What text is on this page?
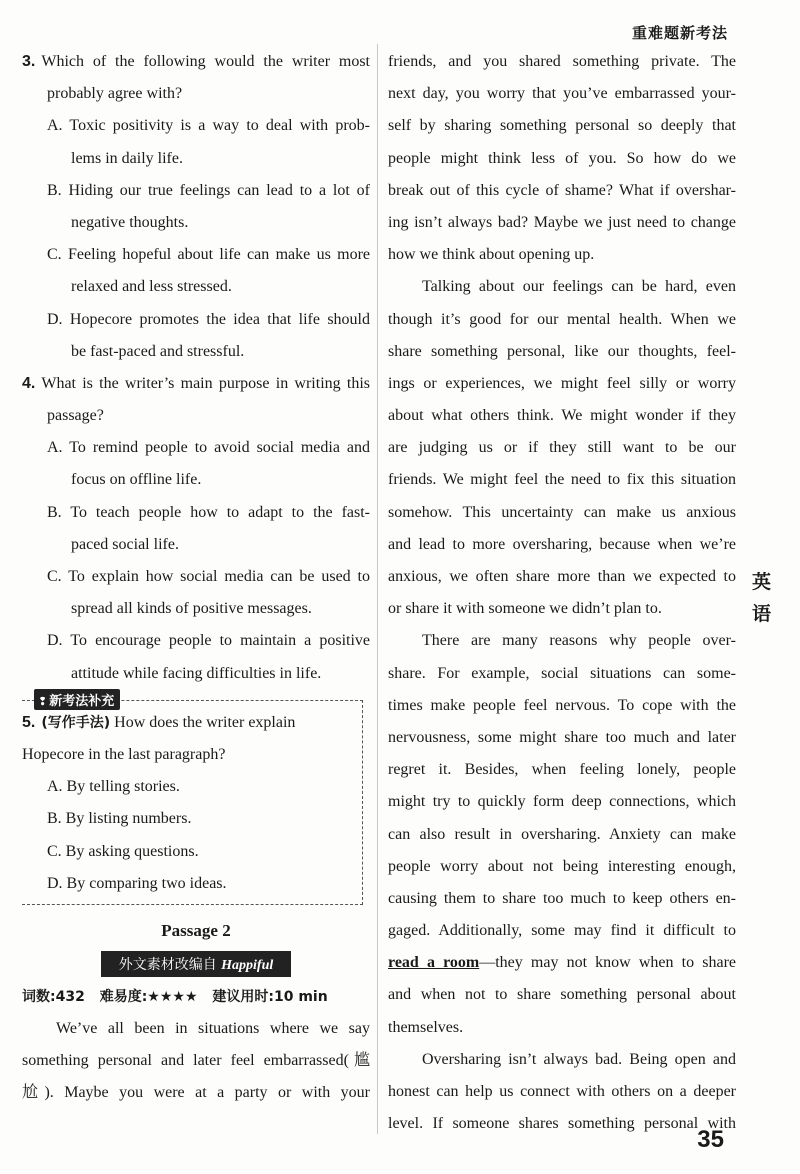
重难题新考法
3. Which of the following would the writer most
probably agree with?
A. Toxic positivity is a way to deal with prob-
lems in daily life.
B. Hiding our true feelings can lead to a lot of
negative thoughts.
C. Feeling hopeful about life can make us more
relaxed and less stressed.
D. Hopecore promotes the idea that life should
be fast-paced and stressful.
4. What is the writer’s main purpose in writing this
passage?
A. To remind people to avoid social media and
focus on offline life.
B. To teach people how to adapt to the fast-
paced social life.
C. To explain how social media can be used to
spread all kinds of positive messages.
D. To encourage people to maintain a positive
attitude while facing difficulties in life.
❢ 新考法补充
5. (写作手法) How does the writer explain
Hopecore in the last paragraph?
A. By telling stories.
B. By listing numbers.
C. By asking questions.
D. By comparing two ideas.
Passage 2
外文素材改编自 Happiful
词数:432 难易度:★★★★ 建议用时:10 min
We’ve all been in situations where we say
something personal and later feel embarrassed(尴
尬). Maybe you were at a party or with your
friends, and you shared something private. The
next day, you worry that you’ve embarrassed your-
self by sharing something personal so deeply that
people might think less of you. So how do we
break out of this cycle of shame? What if overshar-
ing isn’t always bad? Maybe we just need to change
how we think about opening up.
Talking about our feelings can be hard, even
though it’s good for our mental health. When we
share something personal, like our thoughts, feel-
ings or experiences, we might feel silly or worry
about what others think. We might wonder if they
are judging us or if they still want to be our
friends. We might feel the need to fix this situation
somehow. This uncertainty can make us anxious
and lead to more oversharing, because when we’re
anxious, we often share more than we expected to
or share it with someone we didn’t plan to.
There are many reasons why people over-
share. For example, social situations can some-
times make people feel nervous. To cope with the
nervousness, some might share too much and later
regret it. Besides, when feeling lonely, people
might try to quickly form deep connections, which
can also result in oversharing. Anxiety can make
people worry about not being interesting enough,
causing them to share too much to keep others en-
gaged. Additionally, some may find it difficult to
read a room—they may not know when to share
and when not to share something personal about
themselves.
Oversharing isn’t always bad. Being open and
honest can help us connect with others on a deeper
level. If someone shares something personal with
英
语
35
